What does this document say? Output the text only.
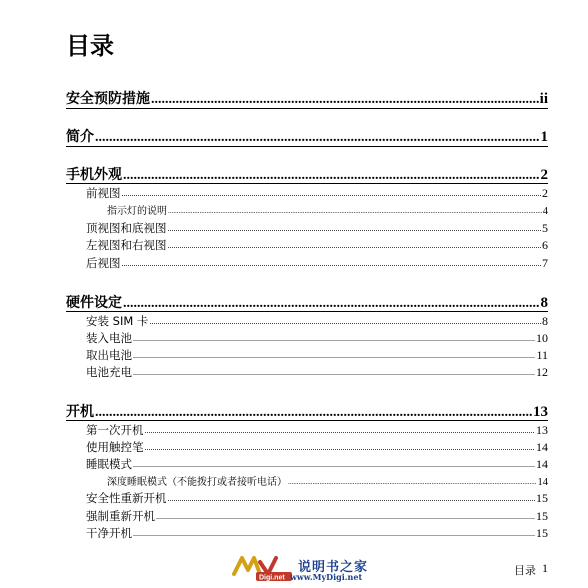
目录
安全预防措施 .....	ii
简介 .....	1
手机外观 .....	2
前视图 .....	2
指示灯的说明 .....	4
顶视图和底视图 .....	5
左视图和右视图 .....	6
后视图 .....	7
硬件设定 .....	8
安装 SIM 卡 .....	8
装入电池 .....	10
取出电池 .....	11
电池充电 .....	12
开机 .....	13
第一次开机 .....	13
使用触控笔 .....	14
睡眠模式 .....	14
深度睡眠模式（不能拨打或者接听电话） .....	14
安全性重新开机 .....	15
强制重新开机 .....	15
干净开机 .....	15
Digi.net
说明书之家
www.MyDigi.net	目录 1
